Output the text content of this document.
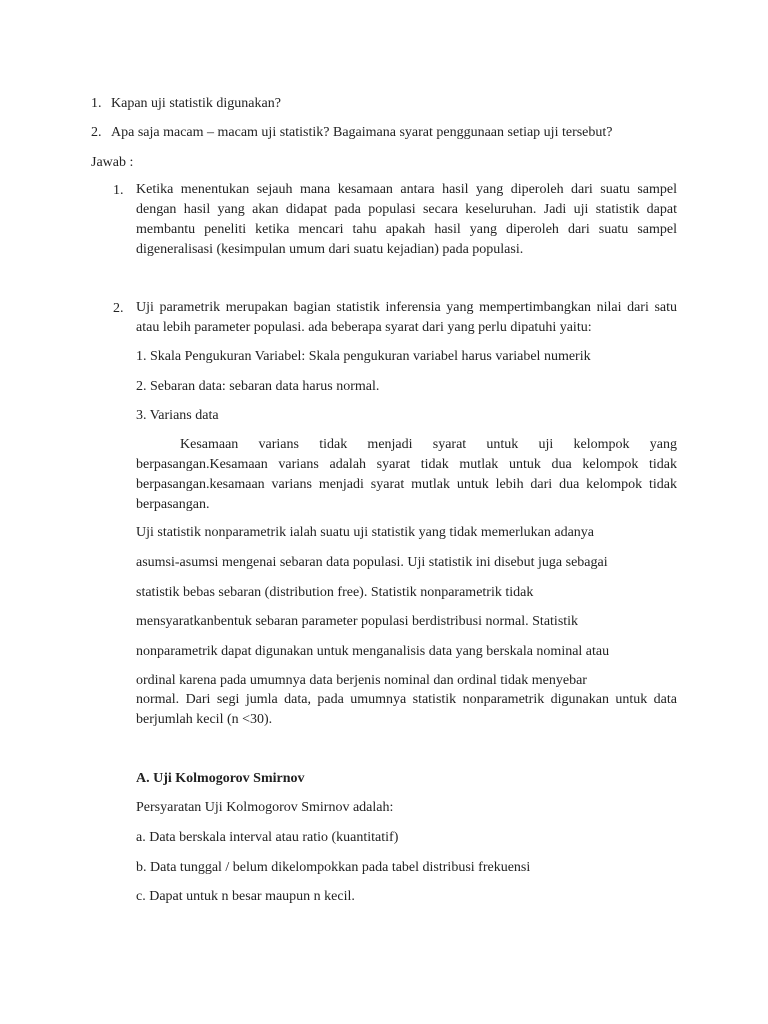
1. Kapan uji statistik digunakan?
2. Apa saja macam – macam uji statistik? Bagaimana syarat penggunaan setiap uji tersebut?
Jawab :
1. Ketika menentukan sejauh mana kesamaan antara hasil yang diperoleh dari suatu sampel dengan hasil yang akan didapat pada populasi secara keseluruhan. Jadi uji statistik dapat membantu peneliti ketika mencari tahu apakah hasil yang diperoleh dari suatu sampel digeneralisasi (kesimpulan umum dari suatu kejadian) pada populasi.
2. Uji parametrik merupakan bagian statistik inferensia yang mempertimbangkan nilai dari satu atau lebih parameter populasi. ada beberapa syarat dari yang perlu dipatuhi yaitu:
1. Skala Pengukuran Variabel: Skala pengukuran variabel harus variabel numerik
2. Sebaran data: sebaran data harus normal.
3. Varians data
Kesamaan varians tidak menjadi syarat untuk uji kelompok yang berpasangan.Kesamaan varians adalah syarat tidak mutlak untuk dua kelompok tidak berpasangan.kesamaan varians menjadi syarat mutlak untuk lebih dari dua kelompok tidak berpasangan.
Uji statistik nonparametrik ialah suatu uji statistik yang tidak memerlukan adanya
asumsi-asumsi mengenai sebaran data populasi. Uji statistik ini disebut juga sebagai
statistik bebas sebaran (distribution free). Statistik nonparametrik tidak
mensyaratkanbentuk sebaran parameter populasi berdistribusi normal. Statistik
nonparametrik dapat digunakan untuk menganalisis data yang berskala nominal atau
ordinal karena pada umumnya data berjenis nominal dan ordinal tidak menyebar
normal. Dari segi jumla data, pada umumnya statistik nonparametrik digunakan untuk data berjumlah kecil (n <30).
A. Uji Kolmogorov Smirnov
Persyaratan Uji Kolmogorov Smirnov adalah:
a. Data berskala interval atau ratio (kuantitatif)
b. Data tunggal / belum dikelompokkan pada tabel distribusi frekuensi
c. Dapat untuk n besar maupun n kecil.
